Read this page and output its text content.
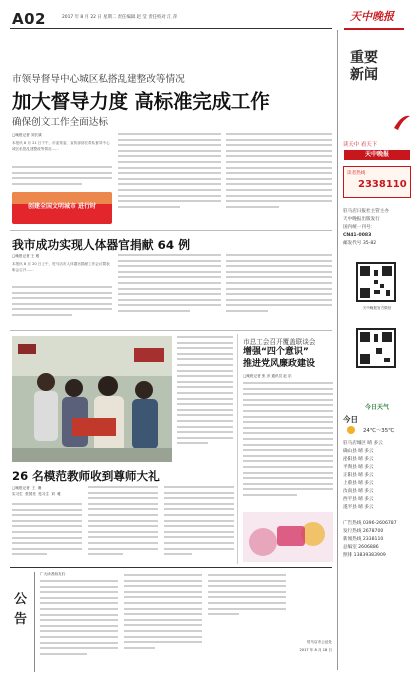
A02	2017 年 8 月 22 日 星期二 责任编辑 赵 莹 责任校对 江 萍	天中晚报
重要
新闻
市领导督导中心城区私搭乱建整改等情况
加大督导力度 高标准完成工作
确保创文工作全面达标
□晚报记者 刘长斌
本报讯 8 月 21 日下午，市委常委、宣传部部长带队督导中心城区私搭乱建整改等情况……
创建全国文明城市 进行时
我市成功实现人体器官捐献 64 例
□晚报记者 王 雅
本报讯 8 月 20 日上午，驻马店市人体器官捐献工作会议暨表彰会召开……
市总工会召开覆盖联谈会
增强“四个意识”
推进党风廉政建设
□晚报记者 张 彦 通讯员 赵 乐
26 名模范教师收到尊师大礼
□晚报记者  王  珊
实习生  张国亮  见习生  刘  雅
公
告
广大读者朋友们：
驻马店市公证处
2017 年 8 月 18 日
读天中 看天下
天中晚报
读者热线
2338110
驻马店日报社主管主办
天中晚报出版发行
国内统一刊号：
CN41-0083
邮发代号 35-82
天中晚报官方微信
今日天气
今日
24℃～35℃
驻马店城区 晴 多云
确山县 晴 多云
泌阳县 晴 多云
平舆县 晴 多云
正阳县 晴 多云
上蔡县 晴 多云
汝南县 晴 多云
西平县 晴 多云
遂平县 晴 多云
广告热线 0396-2606787
发行热线 2678700
新闻热线 2338110
总编室 2606886
照排 13839383909
